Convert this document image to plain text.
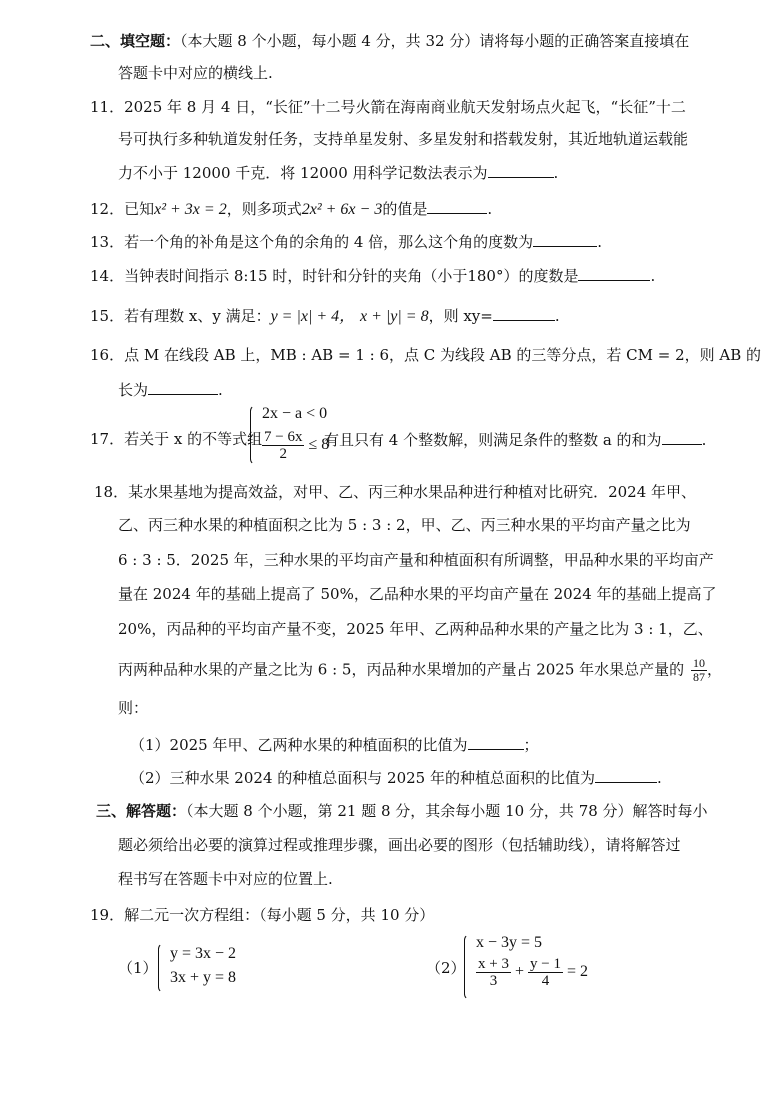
二、填空题：（本大题 8 个小题，每小题 4 分，共 32 分）请将每小题的正确答案直接填在
答题卡中对应的横线上.
11．2025 年 8 月 4 日，“长征”十二号火箭在海南商业航天发射场点火起飞，“长征”十二
号可执行多种轨道发射任务，支持单星发射、多星发射和搭载发射，其近地轨道运载能
力不小于 12000 千克．将 12000 用科学记数法表示为	.
12．已知x² + 3x = 2，则多项式2x² + 6x − 3的值是	.
13．若一个角的补角是这个角的余角的 4 倍，那么这个角的度数为	.
14．当钟表时间指示 8:15 时，时针和分针的夹角（小于180°）的度数是	.
15．若有理数 x、y 满足：y = |x| + 4， x + |y| = 8，则 xy=	.
16．点 M 在线段 AB 上，MB : AB = 1 : 6，点 C 为线段 AB 的三等分点，若 CM = 2，则 AB 的
长为	.
17．若关于 x 的不等式组
2x − a < 0
$\frac{7 - 6x}{2} \le 8$
有且只有 4 个整数解，则满足条件的整数 a 的和为	.
18．某水果基地为提高效益，对甲、乙、丙三种水果品种进行种植对比研究．2024 年甲、
乙、丙三种水果的种植面积之比为 5 : 3 : 2，甲、乙、丙三种水果的平均亩产量之比为
6 : 3 : 5．2025 年，三种水果的平均亩产量和种植面积有所调整，甲品种水果的平均亩产
量在 2024 年的基础上提高了 50%，乙品种水果的平均亩产量在 2024 年的基础上提高了
20%，丙品种的平均亩产量不变，2025 年甲、乙两种品种水果的产量之比为 3 : 1，乙、
丙两种品种水果的产量之比为 6 : 5，丙品种水果增加的产量占 2025 年水果总产量的 $\frac{10}{87}$ ，
则：
（1）2025 年甲、乙两种水果的种植面积的比值为	；
（2）三种水果 2024 的种植总面积与 2025 年的种植总面积的比值为	.
三、解答题：（本大题 8 个小题，第 21 题 8 分，其余每小题 10 分，共 78 分）解答时每小
题必须给出必要的演算过程或推理步骤，画出必要的图形（包括辅助线），请将解答过
程书写在答题卡中对应的位置上.
19．解二元一次方程组：（每小题 5 分，共 10 分）
（1）
y = 3x − 2
3x + y = 8
（2）
x − 3y = 5
$\frac{x + 3}{3} + \frac{y - 1}{4} = 2$
